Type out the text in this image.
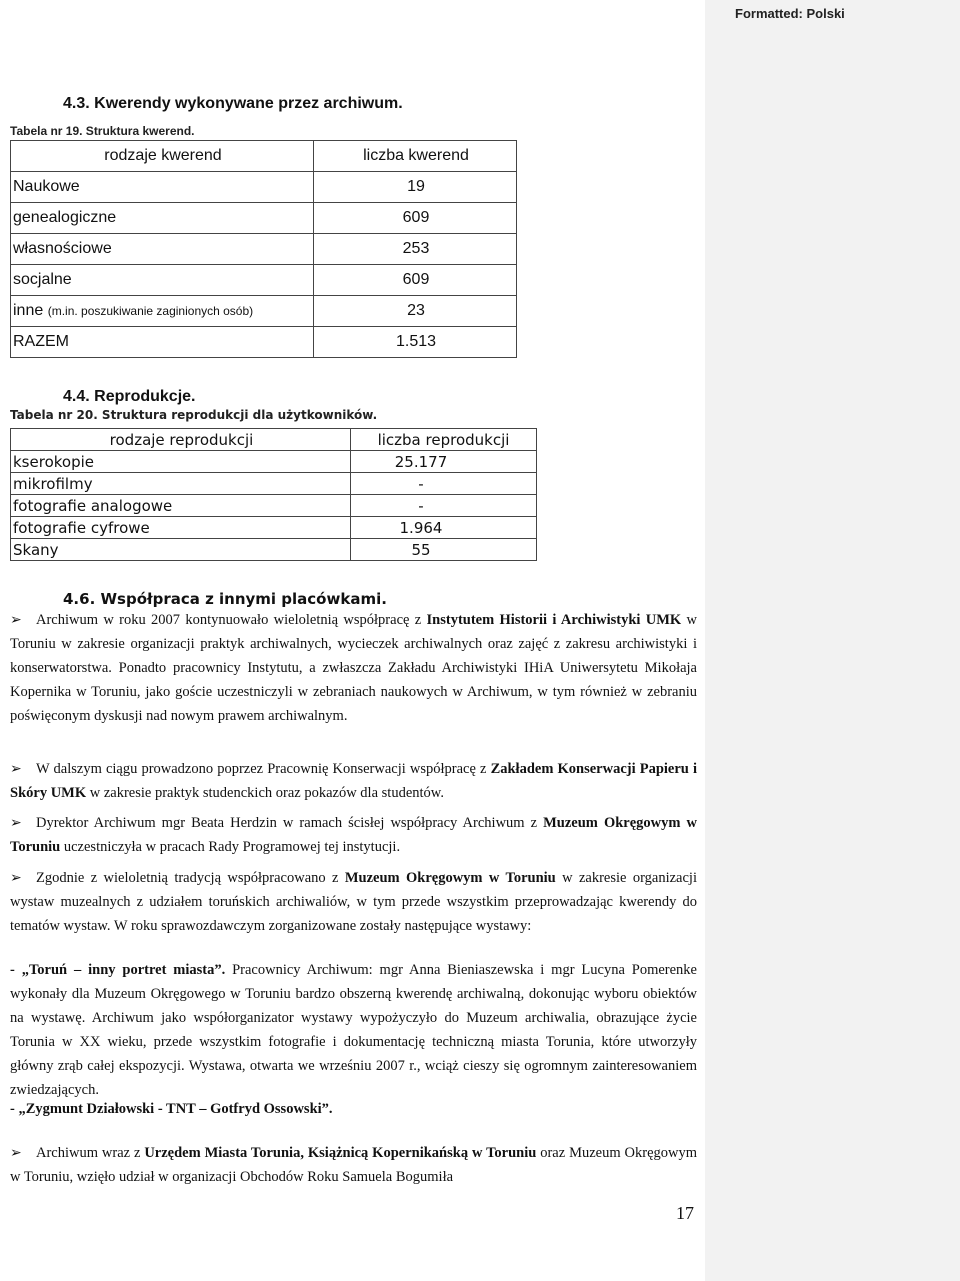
Formatted: Polski
4.3. Kwerendy wykonywane przez archiwum.
Tabela nr 19. Struktura kwerend.
rodzaje kwerend	liczba kwerend
Naukowe	19
genealogiczne	609
własnościowe	253
socjalne	609
inne (m.in. poszukiwanie zaginionych osób)	23
RAZEM	1.513
4.4. Reprodukcje.
Tabela nr 20. Struktura reprodukcji dla użytkowników.
rodzaje reprodukcji	liczba reprodukcji
kserokopie	25.177
mikrofilmy	-
fotografie analogowe	-
fotografie cyfrowe	1.964
Skany	55
4.6. Współpraca z innymi placówkami.
➢ Archiwum w roku 2007 kontynuowało wieloletnią współpracę z Instytutem Historii i Archiwistyki UMK w Toruniu w zakresie organizacji praktyk archiwalnych, wycieczek archiwalnych oraz zajęć z zakresu archiwistyki i konserwatorstwa. Ponadto pracownicy Instytutu, a zwłaszcza Zakładu Archiwistyki IHiA Uniwersytetu Mikołaja Kopernika w Toruniu, jako goście uczestniczyli w zebraniach naukowych w Archiwum, w tym również w zebraniu poświęconym dyskusji nad nowym prawem archiwalnym.
➢ W dalszym ciągu prowadzono poprzez Pracownię Konserwacji współpracę z Zakładem Konserwacji Papieru i Skóry UMK w zakresie praktyk studenckich oraz pokazów dla studentów.
➢ Dyrektor Archiwum mgr Beata Herdzin w ramach ścisłej współpracy Archiwum z Muzeum Okręgowym w Toruniu uczestniczyła w pracach Rady Programowej tej instytucji.
➢ Zgodnie z wieloletnią tradycją współpracowano z Muzeum Okręgowym w Toruniu w zakresie organizacji wystaw muzealnych z udziałem toruńskich archiwaliów, w tym przede wszystkim przeprowadzając kwerendy do tematów wystaw. W roku sprawozdawczym zorganizowane zostały następujące wystawy:
- „Toruń – inny portret miasta”. Pracownicy Archiwum: mgr Anna Bieniaszewska i mgr Lucyna Pomerenke wykonały dla Muzeum Okręgowego w Toruniu bardzo obszerną kwerendę archiwalną, dokonując wyboru obiektów na wystawę. Archiwum jako współorganizator wystawy wypożyczyło do Muzeum archiwalia, obrazujące życie Torunia w XX wieku, przede wszystkim fotografie i dokumentację techniczną miasta Torunia, które utworzyły główny zrąb całej ekspozycji. Wystawa, otwarta we wrześniu 2007 r., wciąż cieszy się ogromnym zainteresowaniem zwiedzających.
- „Zygmunt Działowski - TNT – Gotfryd Ossowski”.
➢ Archiwum wraz z Urzędem Miasta Torunia, Książnicą Kopernikańską w Toruniu oraz Muzeum Okręgowym w Toruniu, wzięło udział w organizacji Obchodów Roku Samuela Bogumiła
17
